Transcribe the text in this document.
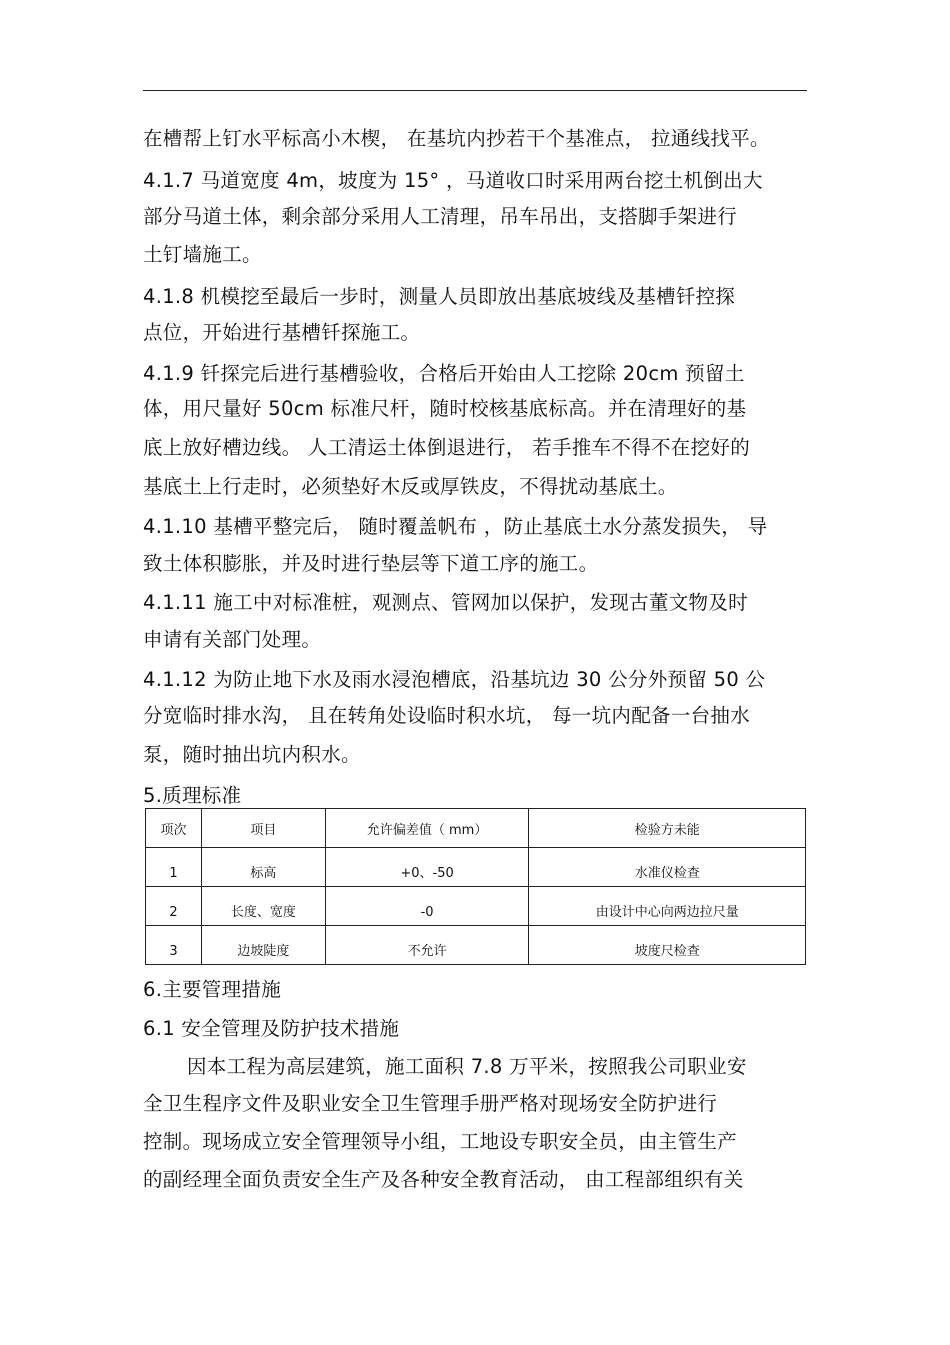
在槽帮上钉水平标高小木楔， 在基坑内抄若干个基准点， 拉通线找平。
4.1.7 马道宽度 4m，坡度为 15° ，马道收口时采用两台挖土机倒出大
部分马道土体，剩余部分采用人工清理，吊车吊出，支搭脚手架进行
土钉墙施工。
4.1.8 机模挖至最后一步时，测量人员即放出基底坡线及基槽钎控探
点位，开始进行基槽钎探施工。
4.1.9 钎探完后进行基槽验收，合格后开始由人工挖除 20cm 预留土
体，用尺量好 50cm 标准尺杆，随时校核基底标高。并在清理好的基
底上放好槽边线。 人工清运土体倒退进行， 若手推车不得不在挖好的
基底土上行走时，必须垫好木反或厚铁皮，不得扰动基底土。
4.1.10 基槽平整完后， 随时覆盖帆布 ，防止基底土水分蒸发损失， 导
致土体积膨胀，并及时进行垫层等下道工序的施工。
4.1.11 施工中对标准桩，观测点、管网加以保护，发现古董文物及时
申请有关部门处理。
4.1.12 为防止地下水及雨水浸泡槽底，沿基坑边 30 公分外预留 50 公
分宽临时排水沟， 且在转角处设临时积水坑， 每一坑内配备一台抽水
泵，随时抽出坑内积水。
5.质理标准
项次	项目	允许偏差值（ mm）	检验方未能
1	标高	+0、-50	水准仪检查
2	长度、宽度	-0	由设计中心向两边拉尺量
3	边坡陡度	不允许	坡度尺检查
6.主要管理措施
6.1 安全管理及防护技术措施
因本工程为高层建筑，施工面积 7.8 万平米，按照我公司职业安
全卫生程序文件及职业安全卫生管理手册严格对现场安全防护进行
控制。现场成立安全管理领导小组，工地设专职安全员，由主管生产
的副经理全面负责安全生产及各种安全教育活动， 由工程部组织有关
